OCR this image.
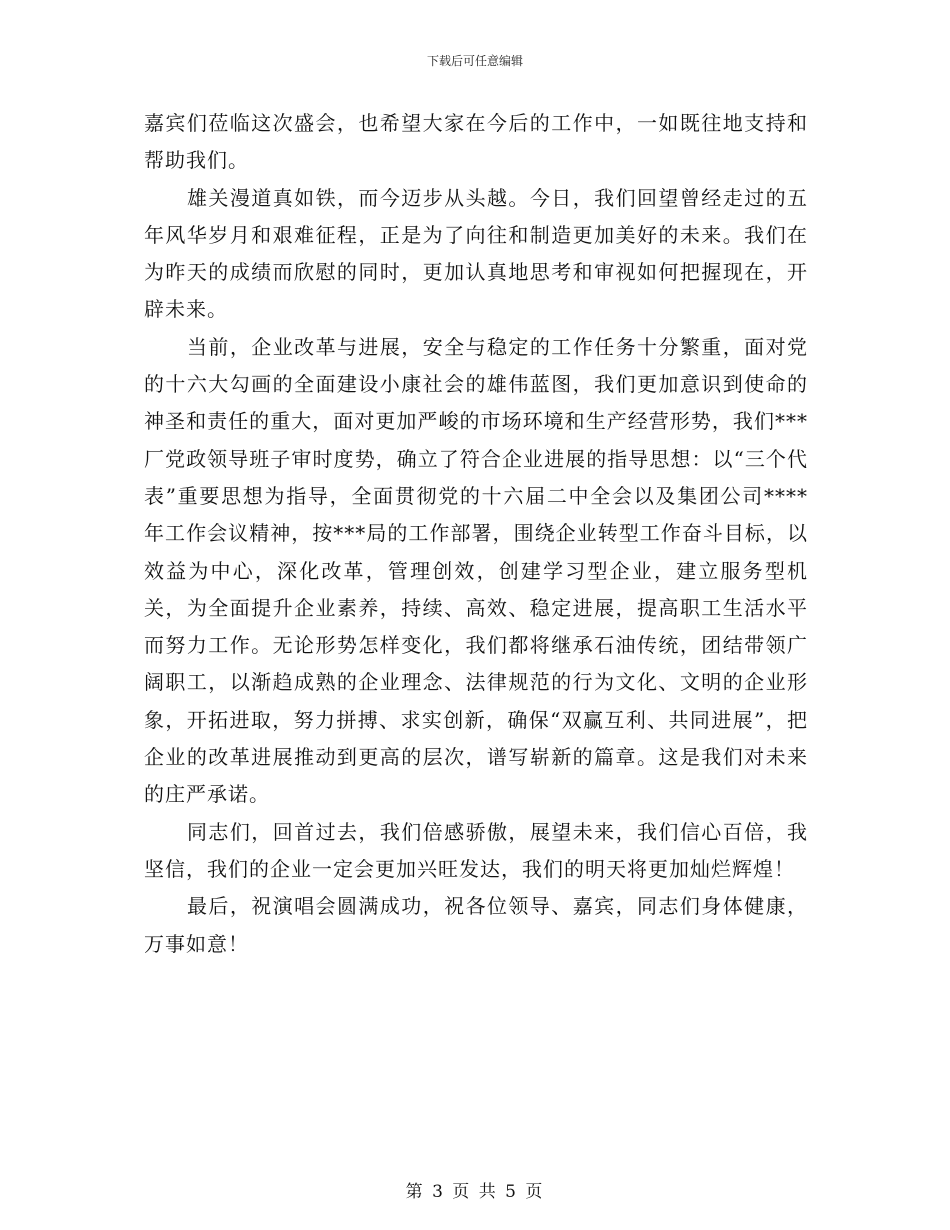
下载后可任意编辑

嘉宾们莅临这次盛会，也希望大家在今后的工作中，一如既往地支持和帮助我们。

雄关漫道真如铁，而今迈步从头越。今日，我们回望曾经走过的五年风华岁月和艰难征程，正是为了向往和制造更加美好的未来。我们在为昨天的成绩而欣慰的同时，更加认真地思考和审视如何把握现在，开辟未来。

当前，企业改革与进展，安全与稳定的工作任务十分繁重，面对党的十六大勾画的全面建设小康社会的雄伟蓝图，我们更加意识到使命的神圣和责任的重大，面对更加严峻的市场环境和生产经营形势，我们***厂党政领导班子审时度势，确立了符合企业进展的指导思想：以“三个代表”重要思想为指导，全面贯彻党的十六届二中全会以及集团公司****年工作会议精神，按***局的工作部署，围绕企业转型工作奋斗目标，以效益为中心，深化改革，管理创效，创建学习型企业，建立服务型机关，为全面提升企业素养，持续、高效、稳定进展，提高职工生活水平而努力工作。无论形势怎样变化，我们都将继承石油传统，团结带领广阔职工，以渐趋成熟的企业理念、法律规范的行为文化、文明的企业形象，开拓进取，努力拼搏、求实创新，确保“双赢互利、共同进展”，把企业的改革进展推动到更高的层次，谱写崭新的篇章。这是我们对未来的庄严承诺。

同志们，回首过去，我们倍感骄傲，展望未来，我们信心百倍，我坚信，我们的企业一定会更加兴旺发达，我们的明天将更加灿烂辉煌！

最后，祝演唱会圆满成功，祝各位领导、嘉宾，同志们身体健康，万事如意！

第 3 页 共 5 页
